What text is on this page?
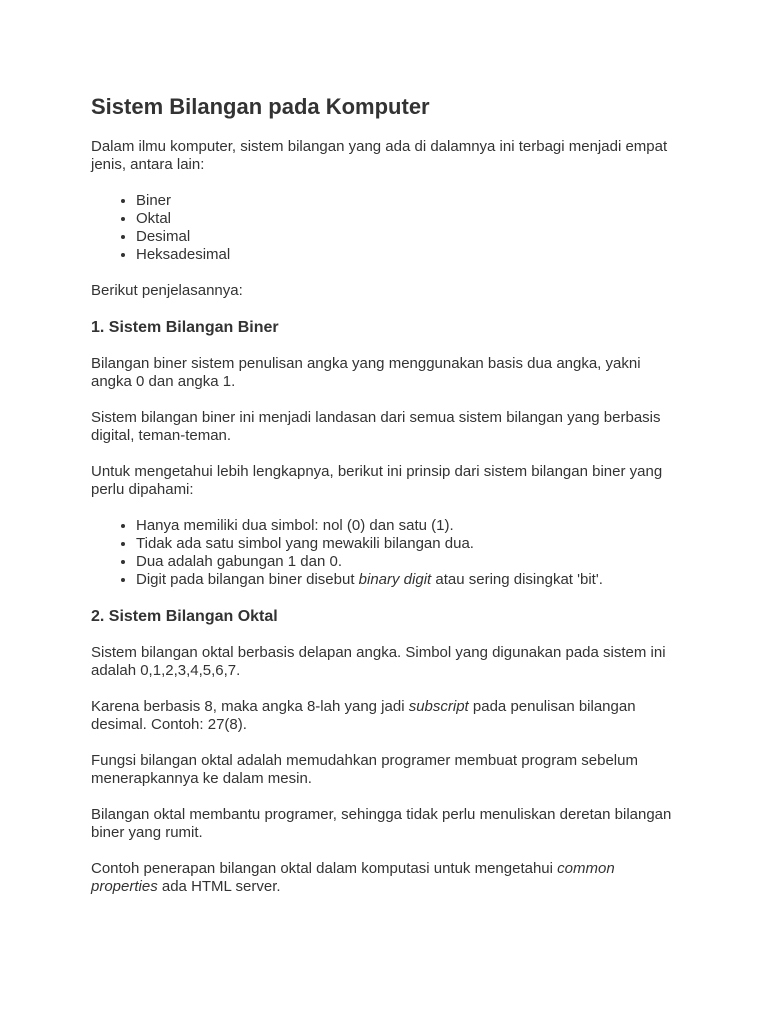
Sistem Bilangan pada Komputer

Dalam ilmu komputer, sistem bilangan yang ada di dalamnya ini terbagi menjadi empat jenis, antara lain:

• Biner
• Oktal
• Desimal
• Heksadesimal

Berikut penjelasannya:

1. Sistem Bilangan Biner

Bilangan biner sistem penulisan angka yang menggunakan basis dua angka, yakni angka 0 dan angka 1.

Sistem bilangan biner ini menjadi landasan dari semua sistem bilangan yang berbasis digital, teman-teman.

Untuk mengetahui lebih lengkapnya, berikut ini prinsip dari sistem bilangan biner yang perlu dipahami:

• Hanya memiliki dua simbol: nol (0) dan satu (1).
• Tidak ada satu simbol yang mewakili bilangan dua.
• Dua adalah gabungan 1 dan 0.
• Digit pada bilangan biner disebut binary digit atau sering disingkat 'bit'.
2. Sistem Bilangan Oktal

Sistem bilangan oktal berbasis delapan angka. Simbol yang digunakan pada sistem ini adalah 0,1,2,3,4,5,6,7.

Karena berbasis 8, maka angka 8-lah yang jadi subscript pada penulisan bilangan desimal. Contoh: 27(8).

Fungsi bilangan oktal adalah memudahkan programer membuat program sebelum menerapkannya ke dalam mesin.

Bilangan oktal membantu programer, sehingga tidak perlu menuliskan deretan bilangan biner yang rumit.

Contoh penerapan bilangan oktal dalam komputasi untuk mengetahui common properties ada HTML server.
